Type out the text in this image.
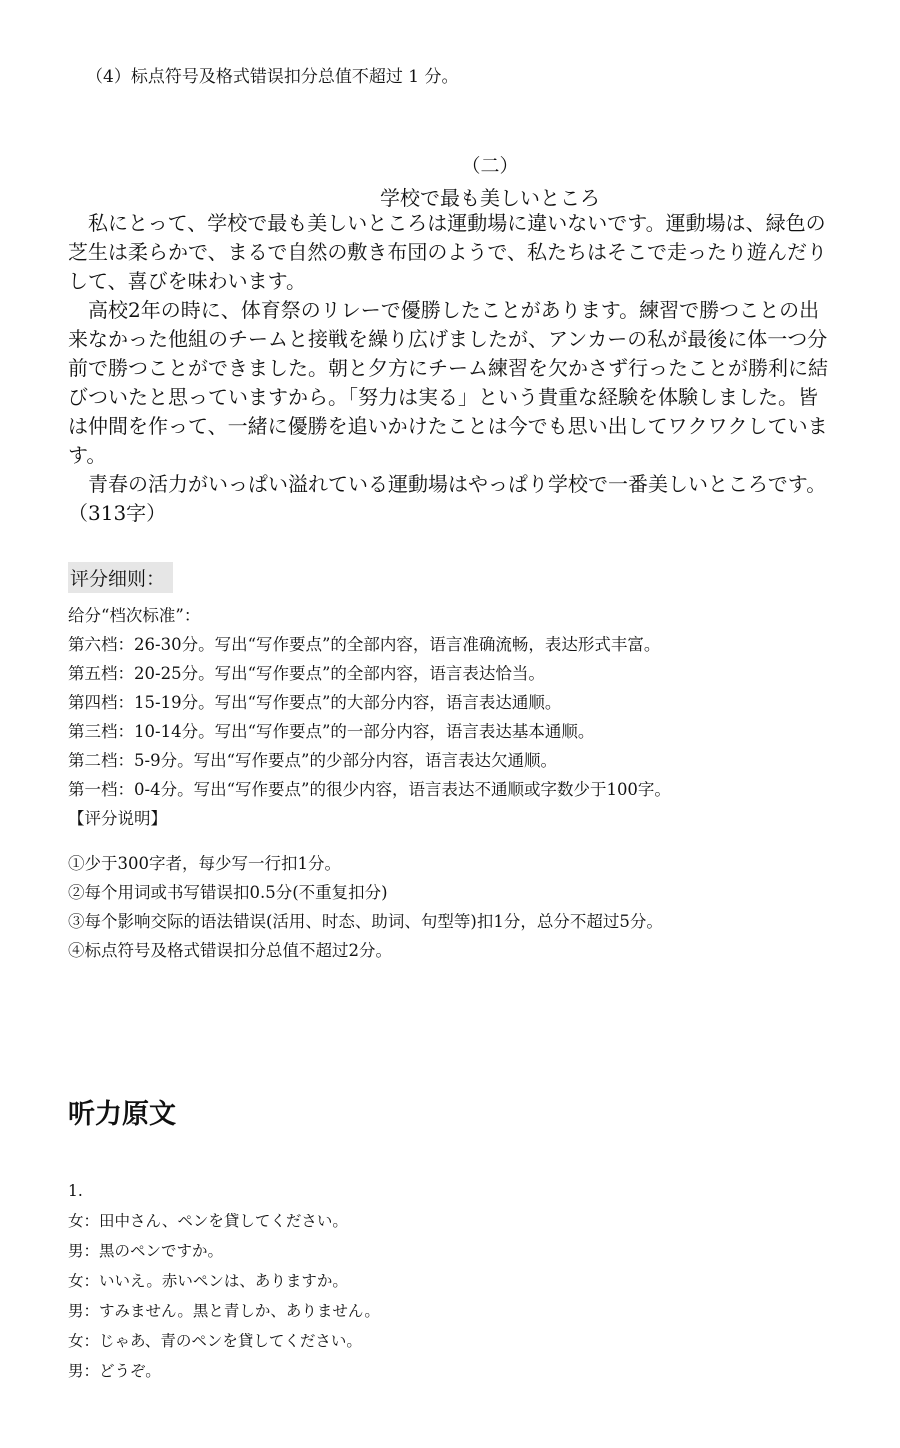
（4）标点符号及格式错误扣分总值不超过 1 分。
（二）
学校で最も美しいところ

私にとって、学校で最も美しいところは運動場に違いないです。運動場は、緑色の

芝生は柔らかで、まるで自然の敷き布団のようで、私たちはそこで走ったり遊んだり

して、喜びを味わいます。

高校2年の時に、体育祭のリレーで優勝したことがあります。練習で勝つことの出

来なかった他組のチームと接戦を繰り広げましたが、アンカーの私が最後に体一つ分

前で勝つことができました。朝と夕方にチーム練習を欠かさず行ったことが勝利に結

びついたと思っていますから。「努力は実る」という貴重な経験を体験しました。皆

は仲間を作って、一緒に優勝を追いかけたことは今でも思い出してワクワクしていま

す。

青春の活力がいっぱい溢れている運動場はやっぱり学校で一番美しいところです。

（313字）

评分细则：
给分“档次标准”：
第六档：26-30分。写出“写作要点”的全部内容，语言准确流畅，表达形式丰富。
第五档：20-25分。写出“写作要点”的全部内容，语言表达恰当。
第四档：15-19分。写出“写作要点”的大部分内容，语言表达通顺。
第三档：10-14分。写出“写作要点”的一部分内容，语言表达基本通顺。
第二档：5-9分。写出“写作要点”的少部分内容，语言表达欠通顺。
第一档：0-4分。写出“写作要点”的很少内容，语言表达不通顺或字数少于100字。
【评分说明】
①少于300字者，每少写一行扣1分。
②每个用词或书写错误扣0.5分(不重复扣分)
③每个影响交际的语法错误(活用、时态、助词、句型等)扣1分，总分不超过5分。
④标点符号及格式错误扣分总值不超过2分。
听力原文
1.
女：田中さん、ペンを貸してください。
男：黒のペンですか。
女：いいえ。赤いペンは、ありますか。
男：すみません。黒と青しか、ありません。
女：じゃあ、青のペンを貸してください。
男：どうぞ。
